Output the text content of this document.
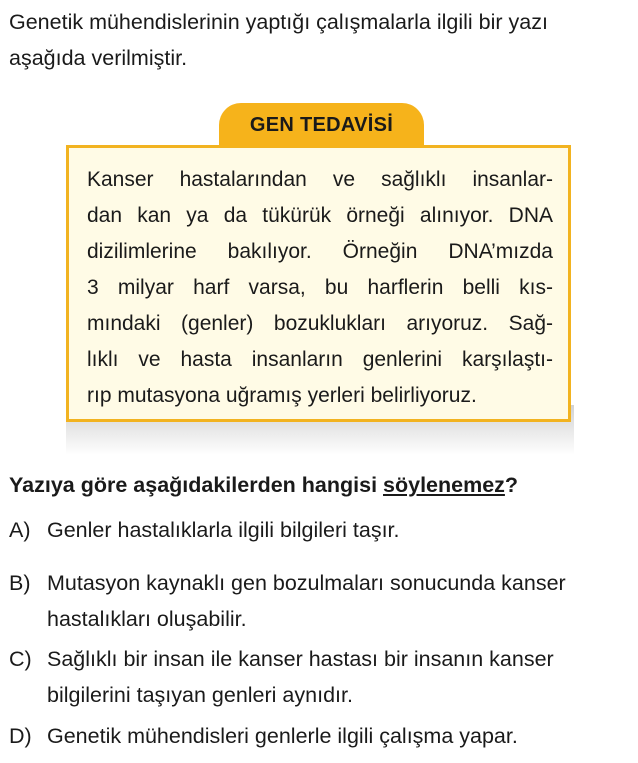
Genetik mühendislerinin yaptığı çalışmalarla ilgili bir yazı
aşağıda verilmiştir.

Kanser hastalarından ve sağlıklı insanlar-
dan kan ya da tükürük örneği alınıyor. DNA
dizilimlerine bakılıyor. Örneğin DNA’mızda
3 milyar harf varsa, bu harflerin belli kıs-
mındaki (genler) bozuklukları arıyoruz. Sağ-
lıklı ve hasta insanların genlerini karşılaştı-
rıp mutasyona uğramış yerleri belirliyoruz.

GEN TEDAVİSİ
Yazıya göre aşağıdakilerden hangisi söylenemez?
A) Genler hastalıklarla ilgili bilgileri taşır.
B) Mutasyon kaynaklı gen bozulmaları sonucunda kanser
hastalıkları oluşabilir.
C) Sağlıklı bir insan ile kanser hastası bir insanın kanser
bilgilerini taşıyan genleri aynıdır.
D) Genetik mühendisleri genlerle ilgili çalışma yapar.
